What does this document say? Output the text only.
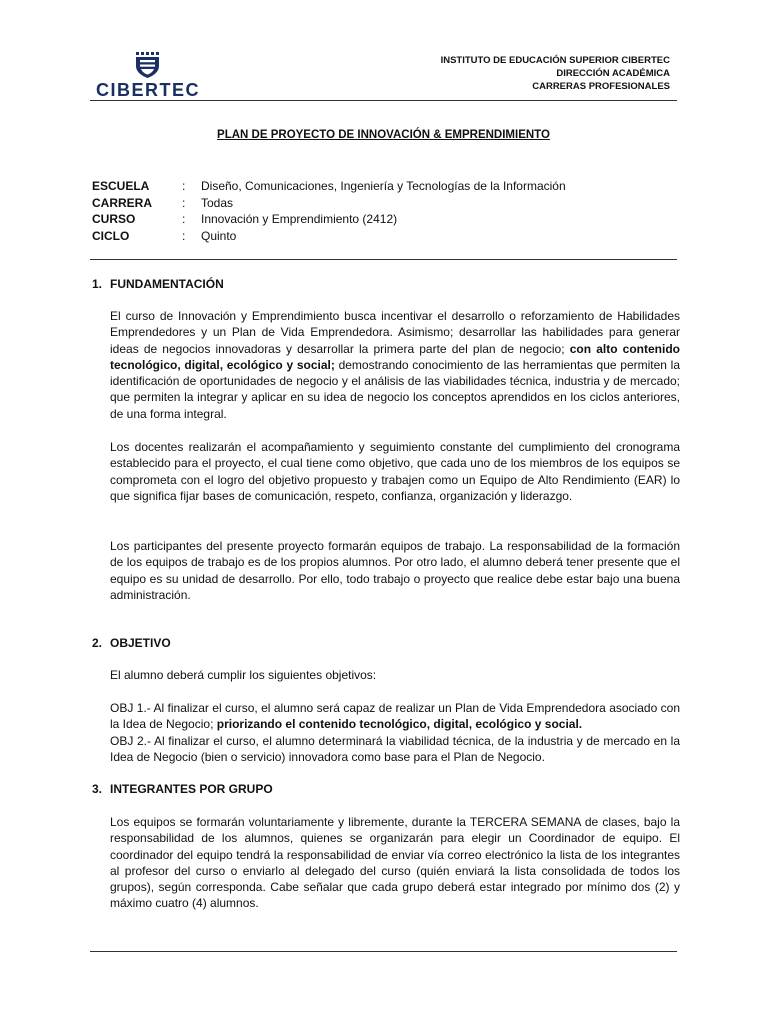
CIBERTEC
INSTITUTO DE EDUCACIÓN SUPERIOR CIBERTEC
DIRECCIÓN ACADÉMICA
CARRERAS PROFESIONALES
PLAN DE PROYECTO DE INNOVACIÓN & EMPRENDIMIENTO
ESCUELA	:	Diseño, Comunicaciones, Ingeniería y Tecnologías de la Información
CARRERA	:	Todas
CURSO	:	Innovación y Emprendimiento (2412)
CICLO	:	Quinto
1. FUNDAMENTACIÓN

El curso de Innovación y Emprendimiento busca incentivar el desarrollo o reforzamiento de Habilidades Emprendedores y un Plan de Vida Emprendedora. Asimismo; desarrollar las habilidades para generar ideas de negocios innovadoras y desarrollar la primera parte del plan de negocio; con alto contenido tecnológico, digital, ecológico y social; demostrando conocimiento de las herramientas que permiten la identificación de oportunidades de negocio y el análisis de las viabilidades técnica, industria y de mercado; que permiten la integrar y aplicar en su idea de negocio los conceptos aprendidos en los ciclos anteriores, de una forma integral.

Los docentes realizarán el acompañamiento y seguimiento constante del cumplimiento del cronograma establecido para el proyecto, el cual tiene como objetivo, que cada uno de los miembros de los equipos se comprometa con el logro del objetivo propuesto y trabajen como un Equipo de Alto Rendimiento (EAR) lo que significa fijar bases de comunicación, respeto, confianza, organización y liderazgo.

Los participantes del presente proyecto formarán equipos de trabajo. La responsabilidad de la formación de los equipos de trabajo es de los propios alumnos. Por otro lado, el alumno deberá tener presente que el equipo es su unidad de desarrollo. Por ello, todo trabajo o proyecto que realice debe estar bajo una buena administración.

2. OBJETIVO

El alumno deberá cumplir los siguientes objetivos:

OBJ 1.- Al finalizar el curso, el alumno será capaz de realizar un Plan de Vida Emprendedora asociado con la Idea de Negocio; priorizando el contenido tecnológico, digital, ecológico y social.

OBJ 2.- Al finalizar el curso, el alumno determinará la viabilidad técnica, de la industria y de mercado en la Idea de Negocio (bien o servicio) innovadora como base para el Plan de Negocio.

3. INTEGRANTES POR GRUPO

Los equipos se formarán voluntariamente y libremente, durante la TERCERA SEMANA de clases, bajo la responsabilidad de los alumnos, quienes se organizarán para elegir un Coordinador de equipo. El coordinador del equipo tendrá la responsabilidad de enviar vía correo electrónico la lista de los integrantes al profesor del curso o enviarlo al delegado del curso (quién enviará la lista consolidada de todos los grupos), según corresponda. Cabe señalar que cada grupo deberá estar integrado por mínimo dos (2) y máximo cuatro (4) alumnos.
